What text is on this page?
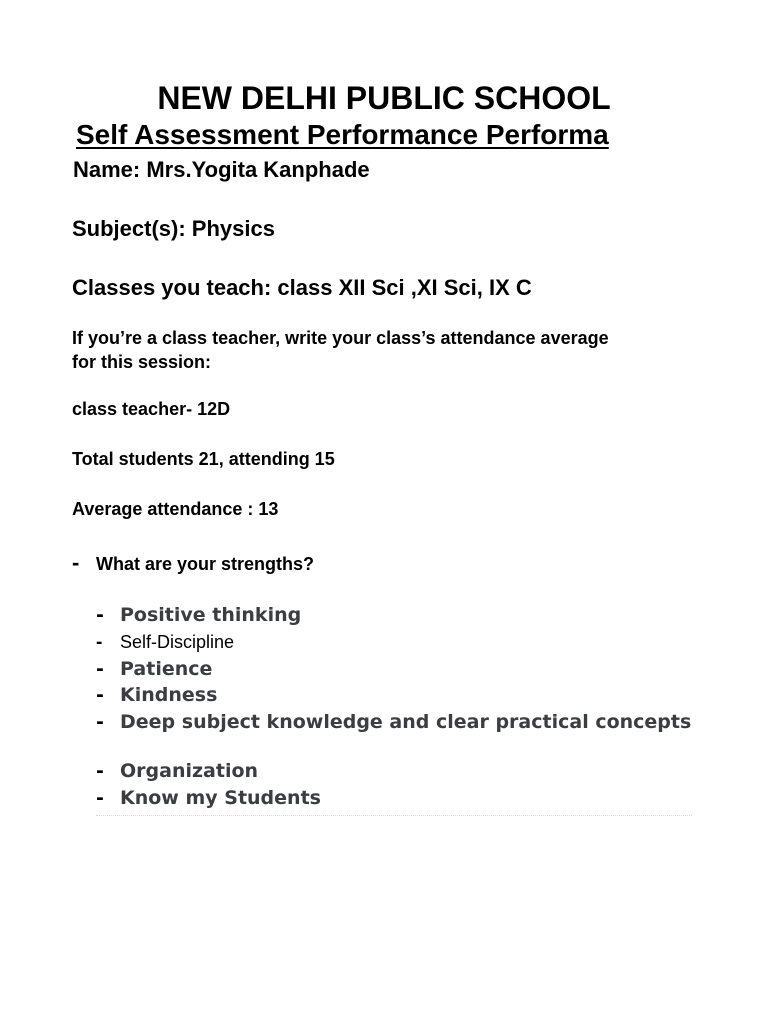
NEW DELHI PUBLIC SCHOOL
Self Assessment Performance Performa

Name: Mrs.Yogita Kanphade

Subject(s): Physics

Classes you teach: class XII Sci ,XI Sci, IX C

If you’re a class teacher, write your class’s attendance average for this session:

class teacher- 12D

Total students 21, attending 15

Average attendance : 13

- What are your strengths?

- Positive thinking
- Self-Discipline
- Patience
- Kindness
- Deep subject knowledge and clear practical concepts
- Organization
- Know my Students
